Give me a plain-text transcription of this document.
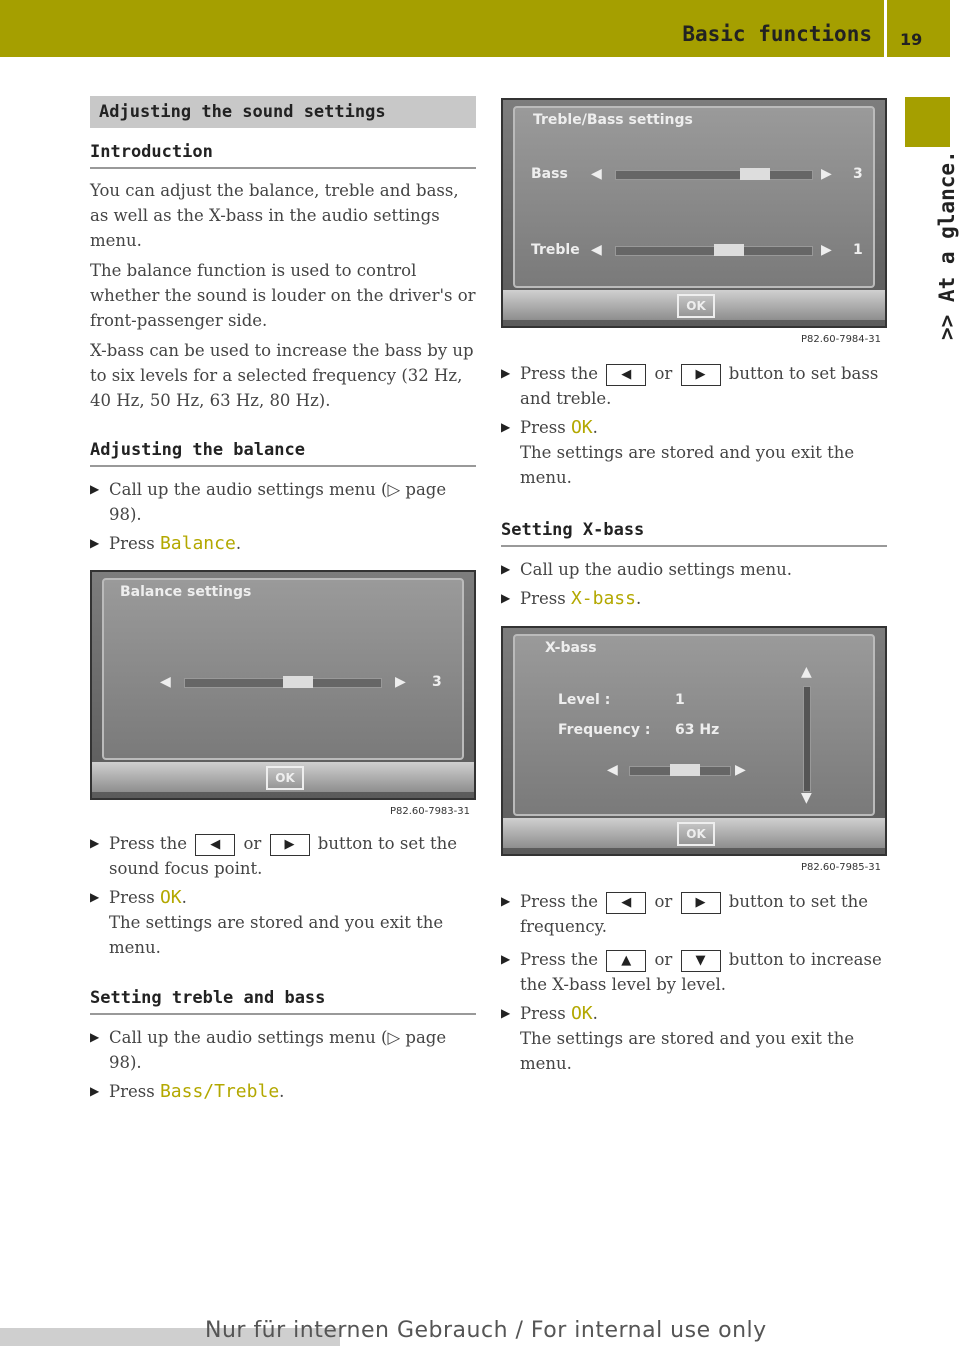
Basic functions 19
>> At a glance.
Adjusting the sound settings
Introduction

You can adjust the balance, treble and bass, as well as the X-bass in the audio settings menu.

The balance function is used to control whether the sound is louder on the driver's or front-passenger side.

X-bass can be used to increase the bass by up to six levels for a selected frequency (32 Hz, 40 Hz, 50 Hz, 63 Hz, 80 Hz).

Adjusting the balance
▶ Call up the audio settings menu (▷ page 98).
▶ Press Balance.
Balance settings
◀	▶ 3
OK
P82.60-7983-31
▶ Press the ◀ or ▶ button to set the sound focus point.
▶ Press OK.
The settings are stored and you exit the menu.
Setting treble and bass
▶ Call up the audio settings menu (▷ page 98).
▶ Press Bass/Treble.
Treble/Bass settings
Bass ◀	▶ 3
Treble ◀	▶ 1
OK
P82.60-7984-31
▶ Press the ◀ or ▶ button to set bass and treble.
▶ Press OK.
The settings are stored and you exit the menu.
Setting X-bass
▶ Call up the audio settings menu.
▶ Press X-bass.
X-bass
Level :	1
Frequency : 63 Hz
◀	▶
▲
▼
OK
P82.60-7985-31
▶ Press the ◀ or ▶ button to set the frequency.
▶ Press the ▲ or ▼ button to increase the X-bass level by level.
▶ Press OK.
The settings are stored and you exit the menu.
Nur für internen Gebrauch / For internal use only
